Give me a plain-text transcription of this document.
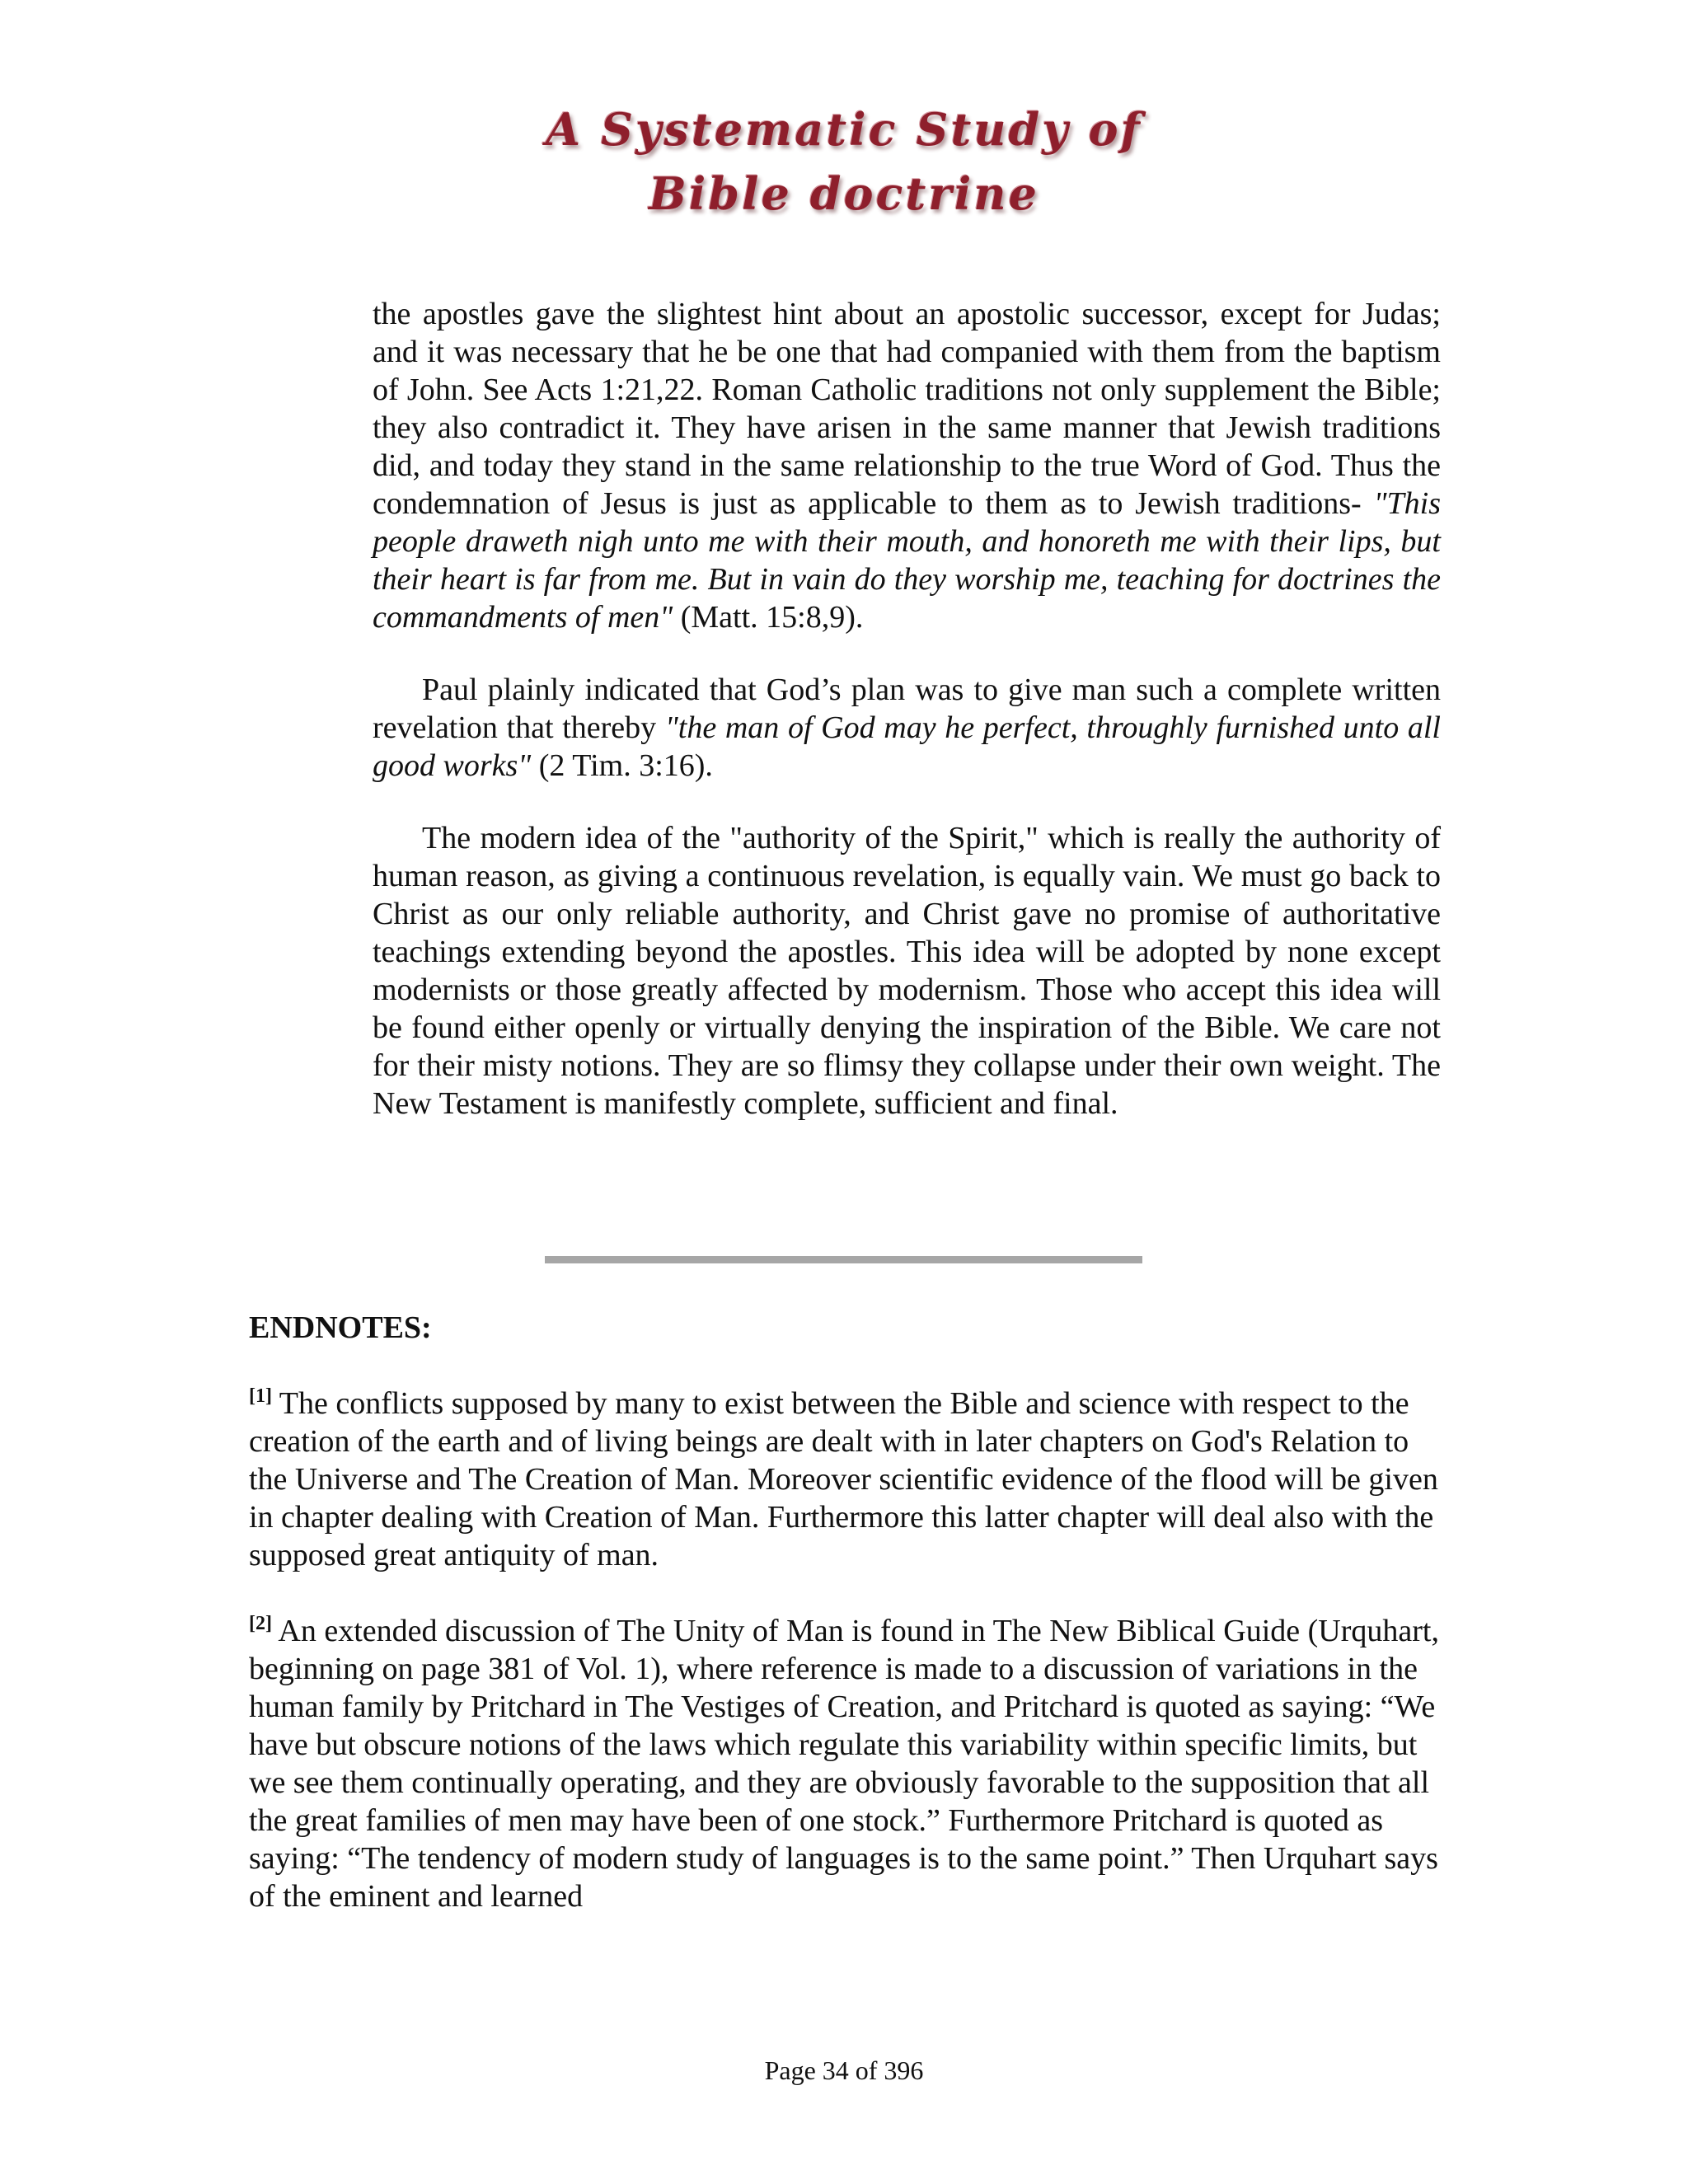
A Systematic Study of
Bible doctrine

the apostles gave the slightest hint about an apostolic successor, except for Judas; and it was necessary that he be one that had companied with them from the baptism of John. See Acts 1:21,22. Roman Catholic traditions not only supplement the Bible; they also contradict it. They have arisen in the same manner that Jewish traditions did, and today they stand in the same relationship to the true Word of God. Thus the condemnation of Jesus is just as applicable to them as to Jewish traditions- "This people draweth nigh unto me with their mouth, and honoreth me with their lips, but their heart is far from me. But in vain do they worship me, teaching for doctrines the commandments of men" (Matt. 15:8,9).

Paul plainly indicated that God’s plan was to give man such a complete written revelation that thereby "the man of God may he perfect, throughly furnished unto all good works" (2 Tim. 3:16).

The modern idea of the "authority of the Spirit," which is really the authority of human reason, as giving a continuous revelation, is equally vain. We must go back to Christ as our only reliable authority, and Christ gave no promise of authoritative teachings extending beyond the apostles. This idea will be adopted by none except modernists or those greatly affected by modernism. Those who accept this idea will be found either openly or virtually denying the inspiration of the Bible. We care not for their misty notions. They are so flimsy they collapse under their own weight. The New Testament is manifestly complete, sufficient and final.

ENDNOTES:

[1] The conflicts supposed by many to exist between the Bible and science with respect to the creation of the earth and of living beings are dealt with in later chapters on God's Relation to the Universe and The Creation of Man. Moreover scientific evidence of the flood will be given in chapter dealing with Creation of Man. Furthermore this latter chapter will deal also with the supposed great antiquity of man.

[2] An extended discussion of The Unity of Man is found in The New Biblical Guide (Urquhart, beginning on page 381 of Vol. 1), where reference is made to a discussion of variations in the human family by Pritchard in The Vestiges of Creation, and Pritchard is quoted as saying: “We have but obscure notions of the laws which regulate this variability within specific limits, but we see them continually operating, and they are obviously favorable to the supposition that all the great families of men may have been of one stock.” Furthermore Pritchard is quoted as saying: “The tendency of modern study of languages is to the same point.” Then Urquhart says of the eminent and learned

Page 34 of 396
